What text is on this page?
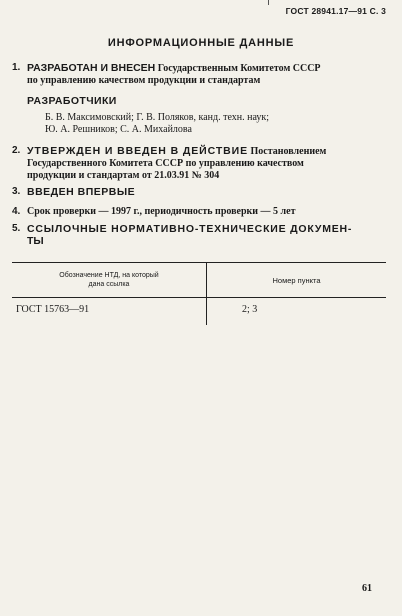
ГОСТ 28941.17—91 С. 3
ИНФОРМАЦИОННЫЕ ДАННЫЕ
1. РАЗРАБОТАН И ВНЕСЕН Государственным Комитетом СССР
по управлению качеством продукции и стандартам
РАЗРАБОТЧИКИ
Б. В. Максимовский; Г. В. Поляков, канд. техн. наук;
Ю. А. Решников; С. А. Михайлова
2. УТВЕРЖДЕН И ВВЕДЕН В ДЕЙСТВИЕ Постановлением
Государственного Комитета СССР по управлению качеством
продукции и стандартам от 21.03.91 № 304
3. ВВЕДЕН ВПЕРВЫЕ
4. Срок проверки — 1997 г., периодичность проверки — 5 лет
5. ССЫЛОЧНЫЕ НОРМАТИВНО-ТЕХНИЧЕСКИЕ ДОКУМЕН-
ТЫ
Обозначение НТД, на который
дана ссылка	Номер пункта
ГОСТ 15763—91	2; 3
61
